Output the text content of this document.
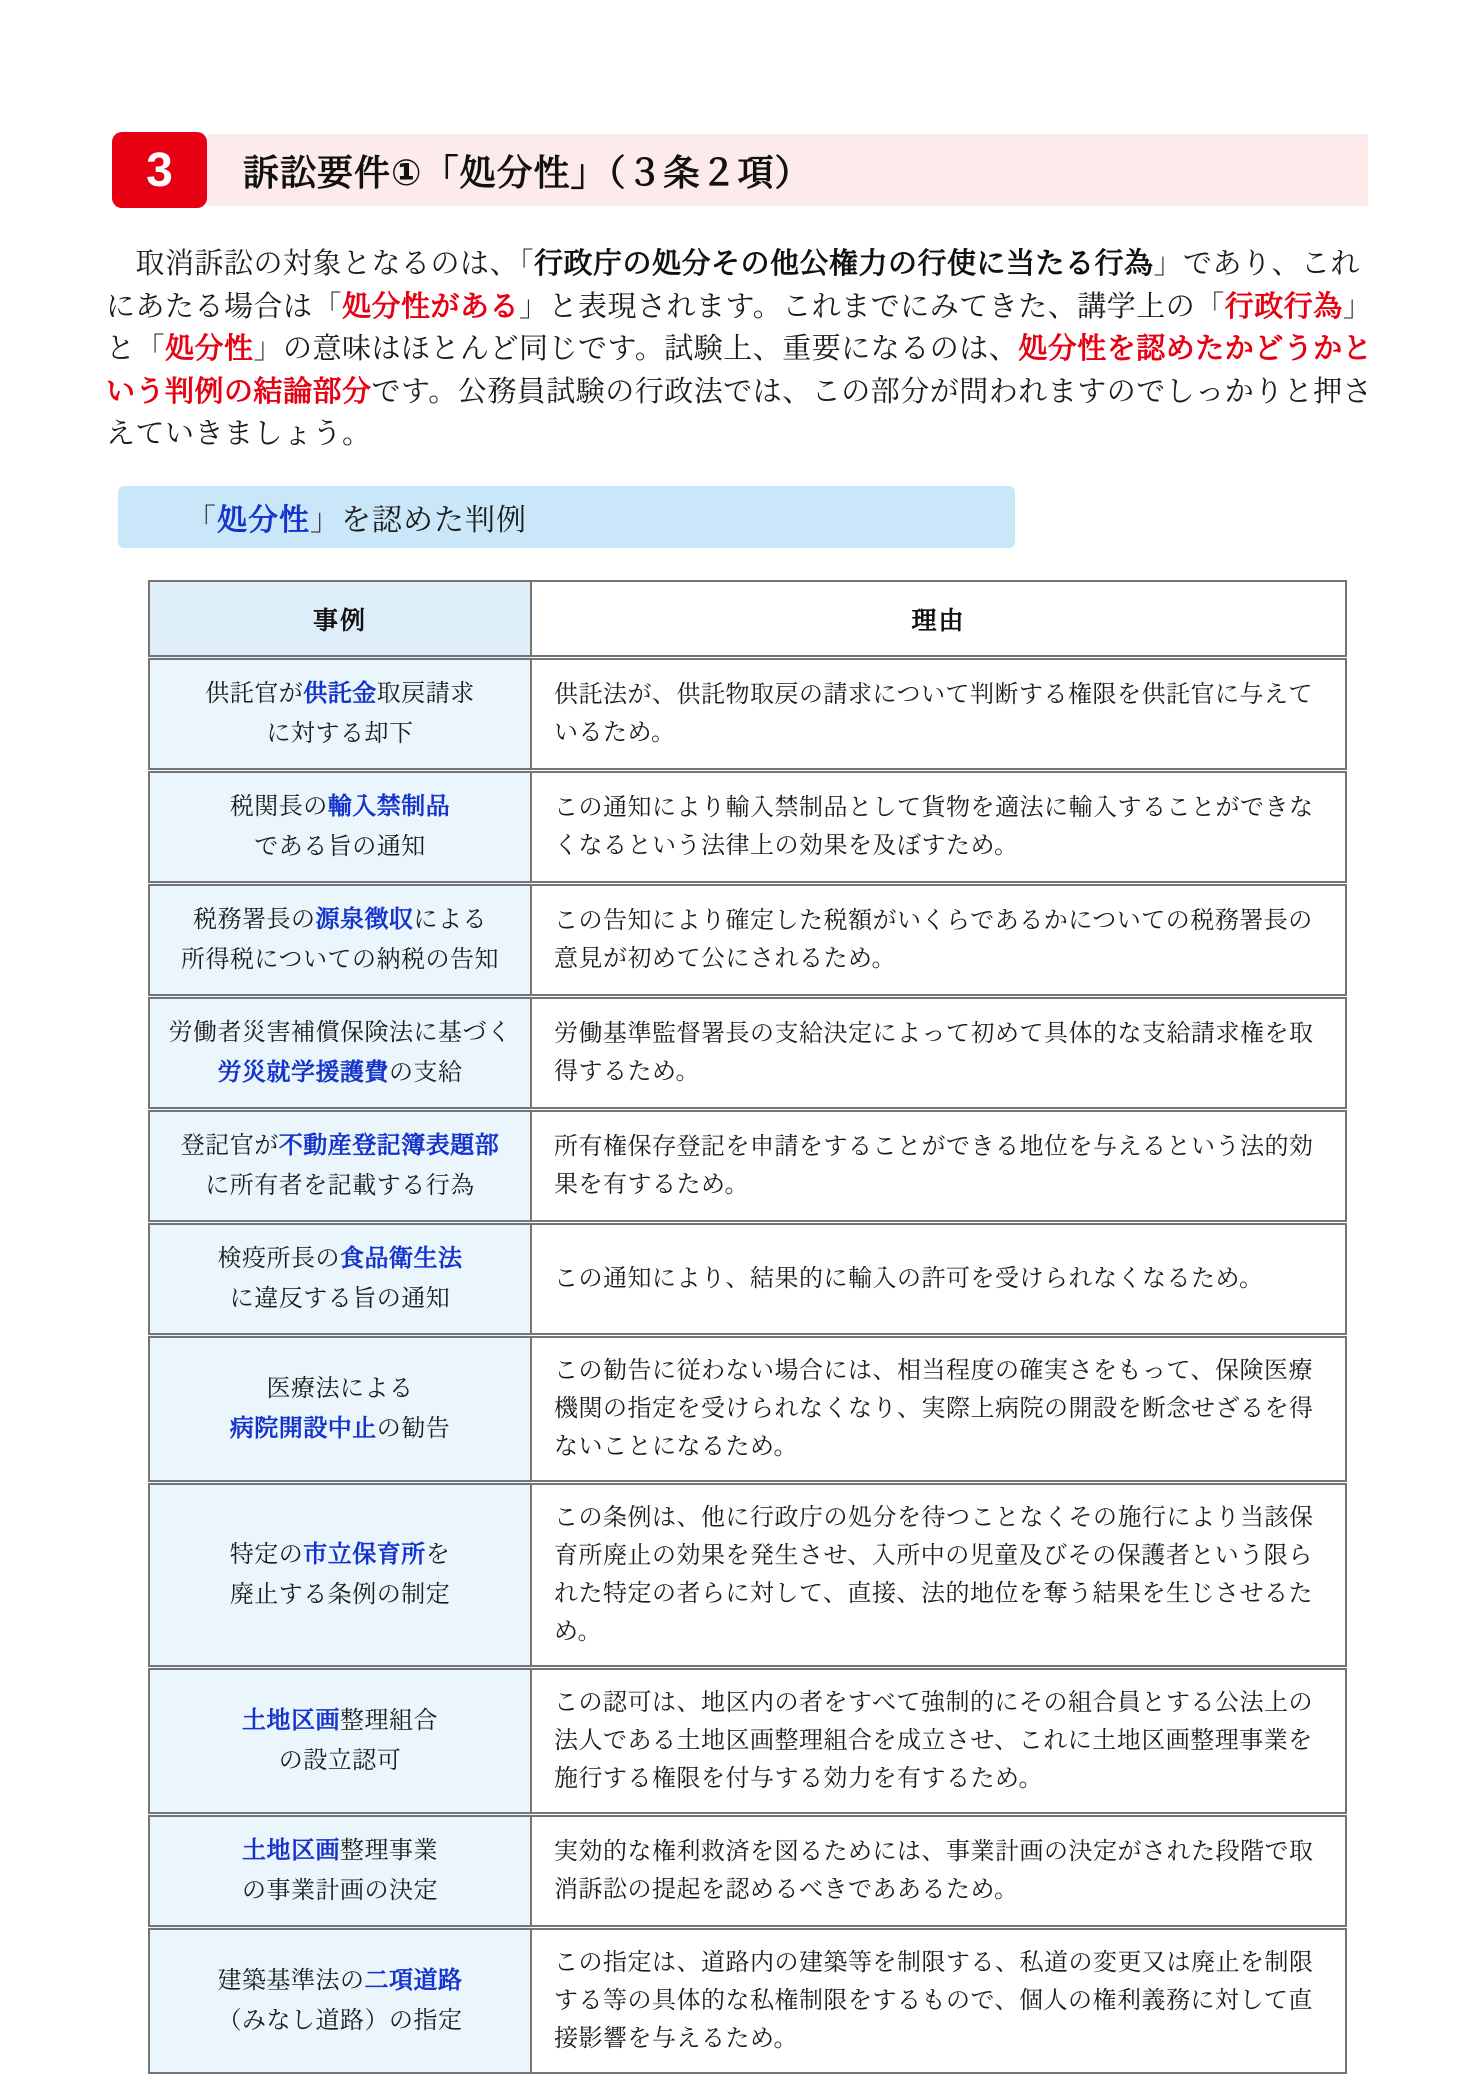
3	訴訟要件①「処分性」（３条２項）
　取消訴訟の対象となるのは、「行政庁の処分その他公権力の行使に当たる行為」であり、これ
にあたる場合は「処分性がある」と表現されます。これまでにみてきた、講学上の「行政行為」
と「処分性」の意味はほとんど同じです。試験上、重要になるのは、処分性を認めたかどうかと
いう判例の結論部分です。公務員試験の行政法では、この部分が問われますのでしっかりと押さ
えていきましょう。
「 処分性 」を認めた判例
事例	理由

供託官が供託金取戻請求
に対する却下	供託法が、供託物取戻の請求について判断する権限を供託官に与えているため。

税関長の輸入禁制品
である旨の通知	この通知により輸入禁制品として貨物を適法に輸入することができなくなるという法律上の効果を及ぼすため。

税務署長の源泉徴収による
所得税についての納税の告知	この告知により確定した税額がいくらであるかについての税務署長の意見が初めて公にされるため。

労働者災害補償保険法に基づく
労災就学援護費の支給	労働基準監督署長の支給決定によって初めて具体的な支給請求権を取得するため。

登記官が不動産登記簿表題部
に所有者を記載する行為	所有権保存登記を申請をすることができる地位を与えるという法的効果を有するため。

検疫所長の食品衛生法
に違反する旨の通知	この通知により、結果的に輸入の許可を受けられなくなるため。

医療法による
病院開設中止の勧告	この勧告に従わない場合には、相当程度の確実さをもって、保険医療機関の指定を受けられなくなり、実際上病院の開設を断念せざるを得ないことになるため。

特定の市立保育所を
廃止する条例の制定	この条例は、他に行政庁の処分を待つことなくその施行により当該保育所廃止の効果を発生させ、入所中の児童及びその保護者という限られた特定の者らに対して、直接、法的地位を奪う結果を生じさせるため。

土地区画整理組合
の設立認可	この認可は、地区内の者をすべて強制的にその組合員とする公法上の法人である土地区画整理組合を成立させ、これに土地区画整理事業を施行する権限を付与する効力を有するため。

土地区画整理事業
の事業計画の決定	実効的な権利救済を図るためには、事業計画の決定がされた段階で取消訴訟の提起を認めるべきでああるため。

建築基準法の二項道路
（みなし道路）の指定	この指定は、道路内の建築等を制限する、私道の変更又は廃止を制限する等の具体的な私権制限をするもので、個人の権利義務に対して直接影響を与えるため。
